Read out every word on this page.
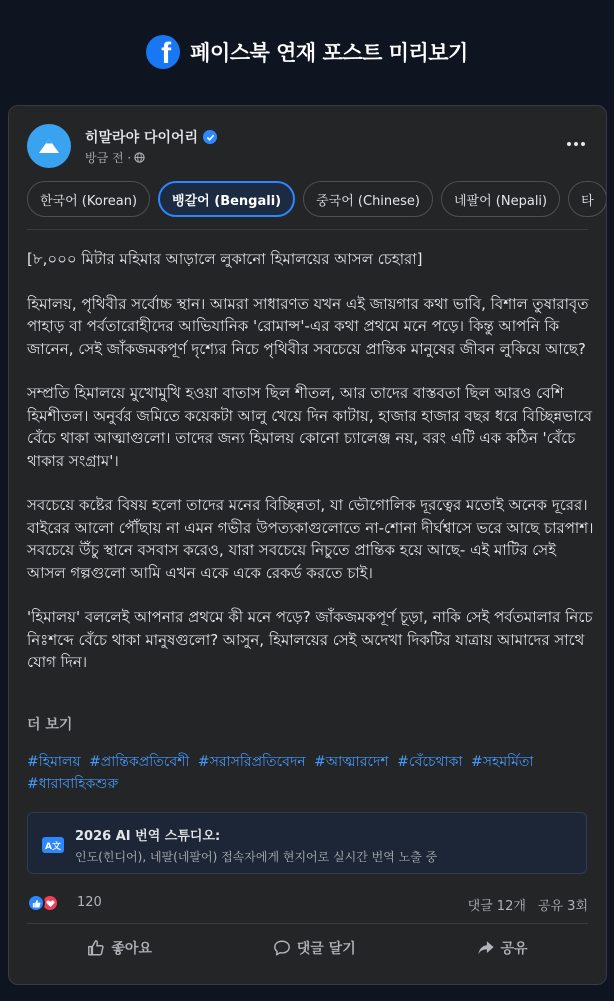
f 페이스북 연재 포스트 미리보기
히말라야 다이어리
방금 전 ·
한국어 (Korean)	뱅갈어 (Bengali)	중국어 (Chinese)	네팔어 (Nepali)	타

[৮,০০০ মিটার মহিমার আড়ালে লুকানো হিমালয়ের আসল চেহারা]

হিমালয়, পৃথিবীর সর্বোচ্চ স্থান। আমরা সাধারণত যখন এই জায়গার কথা ভাবি, বিশাল তুষারাবৃত পাহাড় বা পর্বতারোহীদের আভিযানিক 'রোমান্স'-এর কথা প্রথমে মনে পড়ে। কিন্তু আপনি কি জানেন, সেই জাঁকজমকপূর্ণ দৃশ্যের নিচে পৃথিবীর সবচেয়ে প্রান্তিক মানুষের জীবন লুকিয়ে আছে?

সম্প্রতি হিমালয়ে মুখোমুখি হওয়া বাতাস ছিল শীতল, আর তাদের বাস্তবতা ছিল আরও বেশি হিমশীতল। অনুর্বর জমিতে কয়েকটা আলু খেয়ে দিন কাটায়, হাজার হাজার বছর ধরে বিচ্ছিন্নভাবে বেঁচে থাকা আত্মাগুলো। তাদের জন্য হিমালয় কোনো চ্যালেঞ্জ নয়, বরং এটি এক কঠিন 'বেঁচে থাকার সংগ্রাম'।

সবচেয়ে কষ্টের বিষয় হলো তাদের মনের বিচ্ছিন্নতা, যা ভৌগোলিক দূরত্বের মতোই অনেক দূরের। বাইরের আলো পৌঁছায় না এমন গভীর উপত্যকাগুলোতে না-শোনা দীর্ঘশ্বাসে ভরে আছে চারপাশ। সবচেয়ে উঁচু স্থানে বসবাস করেও, যারা সবচেয়ে নিচুতে প্রান্তিক হয়ে আছে- এই মাটির সেই আসল গল্পগুলো আমি এখন একে একে রেকর্ড করতে চাই।

'হিমালয়' বললেই আপনার প্রথমে কী মনে পড়ে? জাঁকজমকপূর্ণ চূড়া, নাকি সেই পর্বতমালার নিচে নিঃশব্দে বেঁচে থাকা মানুষগুলো? আসুন, হিমালয়ের সেই অদেখা দিকটির যাত্রায় আমাদের সাথে যোগ দিন।

더 보기
#হিমালয় #প্রান্তিকপ্রতিবেশী #সরাসরিপ্রতিবেদন #আত্মারদেশ #বেঁচেথাকা #সহমর্মিতা #ধারাবাহিকশুরু
A文
2026 AI 번역 스튜디오:
인도(힌디어), 네팔(네팔어) 접속자에게 현지어로 실시간 번역 노출 중
120	댓글 12개 공유 3회
좋아요	댓글 달기	공유
